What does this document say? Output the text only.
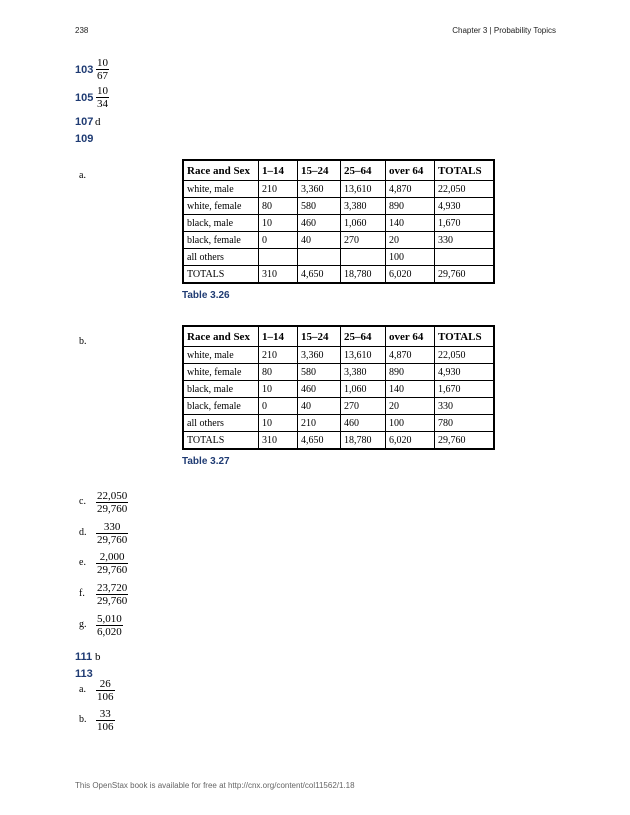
238	Chapter 3 | Probability Topics
103
10
67
105
10
34
107 d
109
a.	Race and Sex	1–14	15–24	25–64	over 64	TOTALS
white, male	210	3,360	13,610	4,870	22,050
white, female	80	580	3,380	890	4,930
black, male	10	460	1,060	140	1,670
black, female	0	40	270	20	330
all others				100	
TOTALS	310	4,650	18,780	6,020	29,760
Table 3.26
b.	Race and Sex	1–14	15–24	25–64	over 64	TOTALS
white, male	210	3,360	13,610	4,870	22,050
white, female	80	580	3,380	890	4,930
black, male	10	460	1,060	140	1,670
black, female	0	40	270	20	330
all others	10	210	460	100	780
TOTALS	310	4,650	18,780	6,020	29,760
Table 3.27
c. 22,050
29,760
d. 330
29,760
e. 2,000
29,760
f. 23,720
29,760
g. 5,010
6,020
111 b
113
a. 26
106
b. 33
106
This OpenStax book is available for free at http://cnx.org/content/col11562/1.18
